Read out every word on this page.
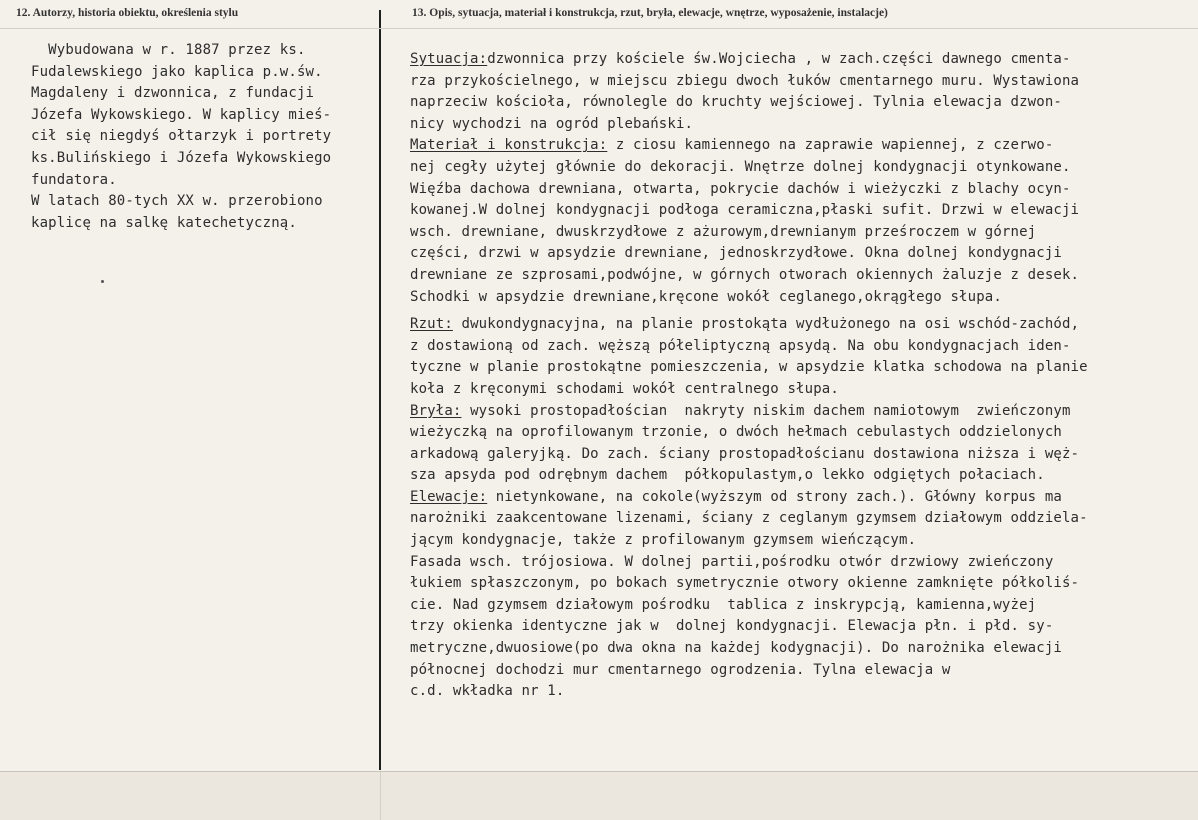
12. Autorzy, historia obiektu, określenia stylu	13. Opis, sytuacja, materiał i konstrukcja, rzut, bryła, elewacje, wnętrze, wyposażenie, instalacje)
Wybudowana w r. 1887 przez ks.
Fudalewskiego jako kaplica p.w.św.
Magdaleny i dzwonnica, z fundacji
Józefa Wykowskiego. W kaplicy mieś-
cił się niegdyś ołtarzyk i portrety
ks.Bulińskiego i Józefa Wykowskiego
fundatora.
W latach 80-tych XX w. przerobiono
kaplicę na salkę katechetyczną.
Sytuacja:dzwonnica przy kościele św.Wojciecha , w zach.części dawnego cmenta-
rza przykościelnego, w miejscu zbiegu dwoch łuków cmentarnego muru. Wystawiona
naprzeciw kościoła, równolegle do kruchty wejściowej. Tylnia elewacja dzwon-
nicy wychodzi na ogród plebański.
Materiał i konstrukcja: z ciosu kamiennego na zaprawie wapiennej, z czerwo-
nej cegły użytej głównie do dekoracji. Wnętrze dolnej kondygnacji otynkowane.
Więźba dachowa drewniana, otwarta, pokrycie dachów i wieżyczki z blachy ocyn-
kowanej.W dolnej kondygnacji podłoga ceramiczna,płaski sufit. Drzwi w elewacji
wsch. drewniane, dwuskrzydłowe z ażurowym,drewnianym prześroczem w górnej
części, drzwi w apsydzie drewniane, jednoskrzydłowe. Okna dolnej kondygnacji
drewniane ze szprosami,podwójne, w górnych otworach okiennych żaluzje z desek.
Schodki w apsydzie drewniane,kręcone wokół ceglanego,okrągłego słupa.
Rzut: dwukondygnacyjna, na planie prostokąta wydłużonego na osi wschód-zachód,
z dostawioną od zach. węższą półeliptyczną apsydą. Na obu kondygnacjach iden-
tyczne w planie prostokątne pomieszczenia, w apsydzie klatka schodowa na planie
koła z kręconymi schodami wokół centralnego słupa.
Bryła: wysoki prostopadłościan  nakryty niskim dachem namiotowym  zwieńczonym
wieżyczką na oprofilowanym trzonie, o dwóch hełmach cebulastych oddzielonych
arkadową galeryjką. Do zach. ściany prostopadłościanu dostawiona niższa i węż-
sza apsyda pod odrębnym dachem  półkopulastym,o lekko odgiętych połaciach.
Elewacje: nietynkowane, na cokole(wyższym od strony zach.). Główny korpus ma
narożniki zaakcentowane lizenami, ściany z ceglanym gzymsem działowym oddziela-
jącym kondygnacje, także z profilowanym gzymsem wieńczącym.
Fasada wsch. trójosiowa. W dolnej partii,pośrodku otwór drzwiowy zwieńczony
łukiem spłaszczonym, po bokach symetrycznie otwory okienne zamknięte półkoliś-
cie. Nad gzymsem działowym pośrodku  tablica z inskrypcją, kamienna,wyżej
trzy okienka identyczne jak w  dolnej kondygnacji. Elewacja płn. i płd. sy-
metryczne,dwuosiowe(po dwa okna na każdej kodygnacji). Do narożnika elewacji
północnej dochodzi mur cmentarnego ogrodzenia. Tylna elewacja w
c.d. wkładka nr 1.
